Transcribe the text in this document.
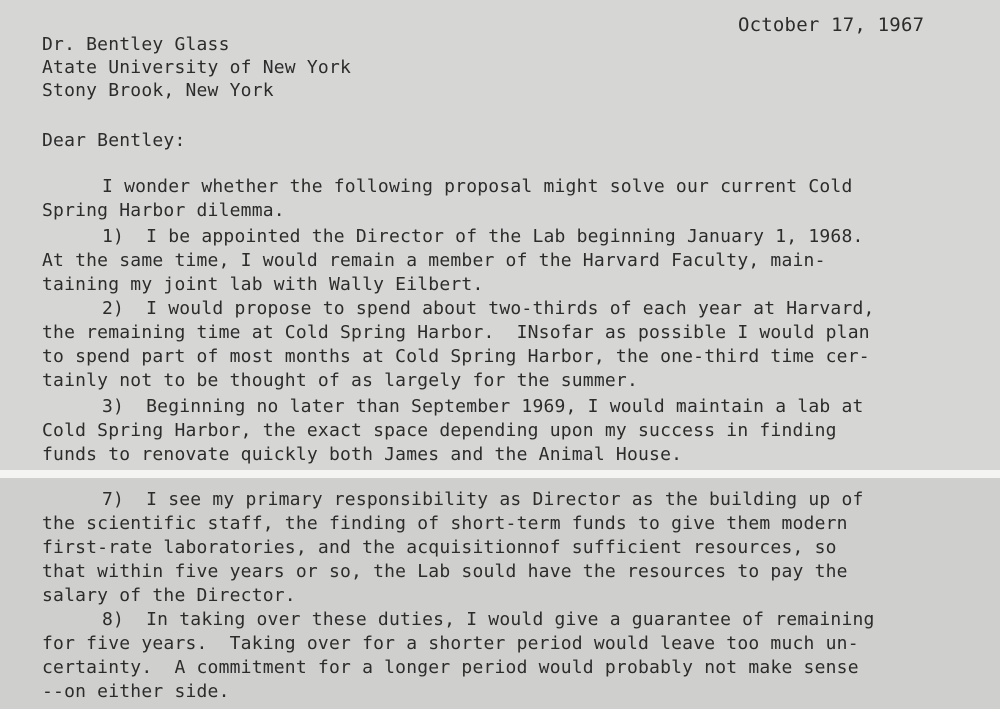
October 17, 1967
Dr. Bentley Glass
Atate University of New York
Stony Brook, New York
Dear Bentley:
I wonder whether the following proposal might solve our current Cold
Spring Harbor dilemma.
1)  I be appointed the Director of the Lab beginning January 1, 1968.
At the same time, I would remain a member of the Harvard Faculty, main-
taining my joint lab with Wally Eilbert.
2)  I would propose to spend about two-thirds of each year at Harvard,
the remaining time at Cold Spring Harbor.  INsofar as possible I would plan
to spend part of most months at Cold Spring Harbor, the one-third time cer-
tainly not to be thought of as largely for the summer.
3)  Beginning no later than September 1969, I would maintain a lab at
Cold Spring Harbor, the exact space depending upon my success in finding
funds to renovate quickly both James and the Animal House.
7)  I see my primary responsibility as Director as the building up of
the scientific staff, the finding of short-term funds to give them modern
first-rate laboratories, and the acquisitionnof sufficient resources, so
that within five years or so, the Lab sould have the resources to pay the
salary of the Director.
8)  In taking over these duties, I would give a guarantee of remaining
for five years.  Taking over for a shorter period would leave too much un-
certainty.  A commitment for a longer period would probably not make sense
--on either side.
